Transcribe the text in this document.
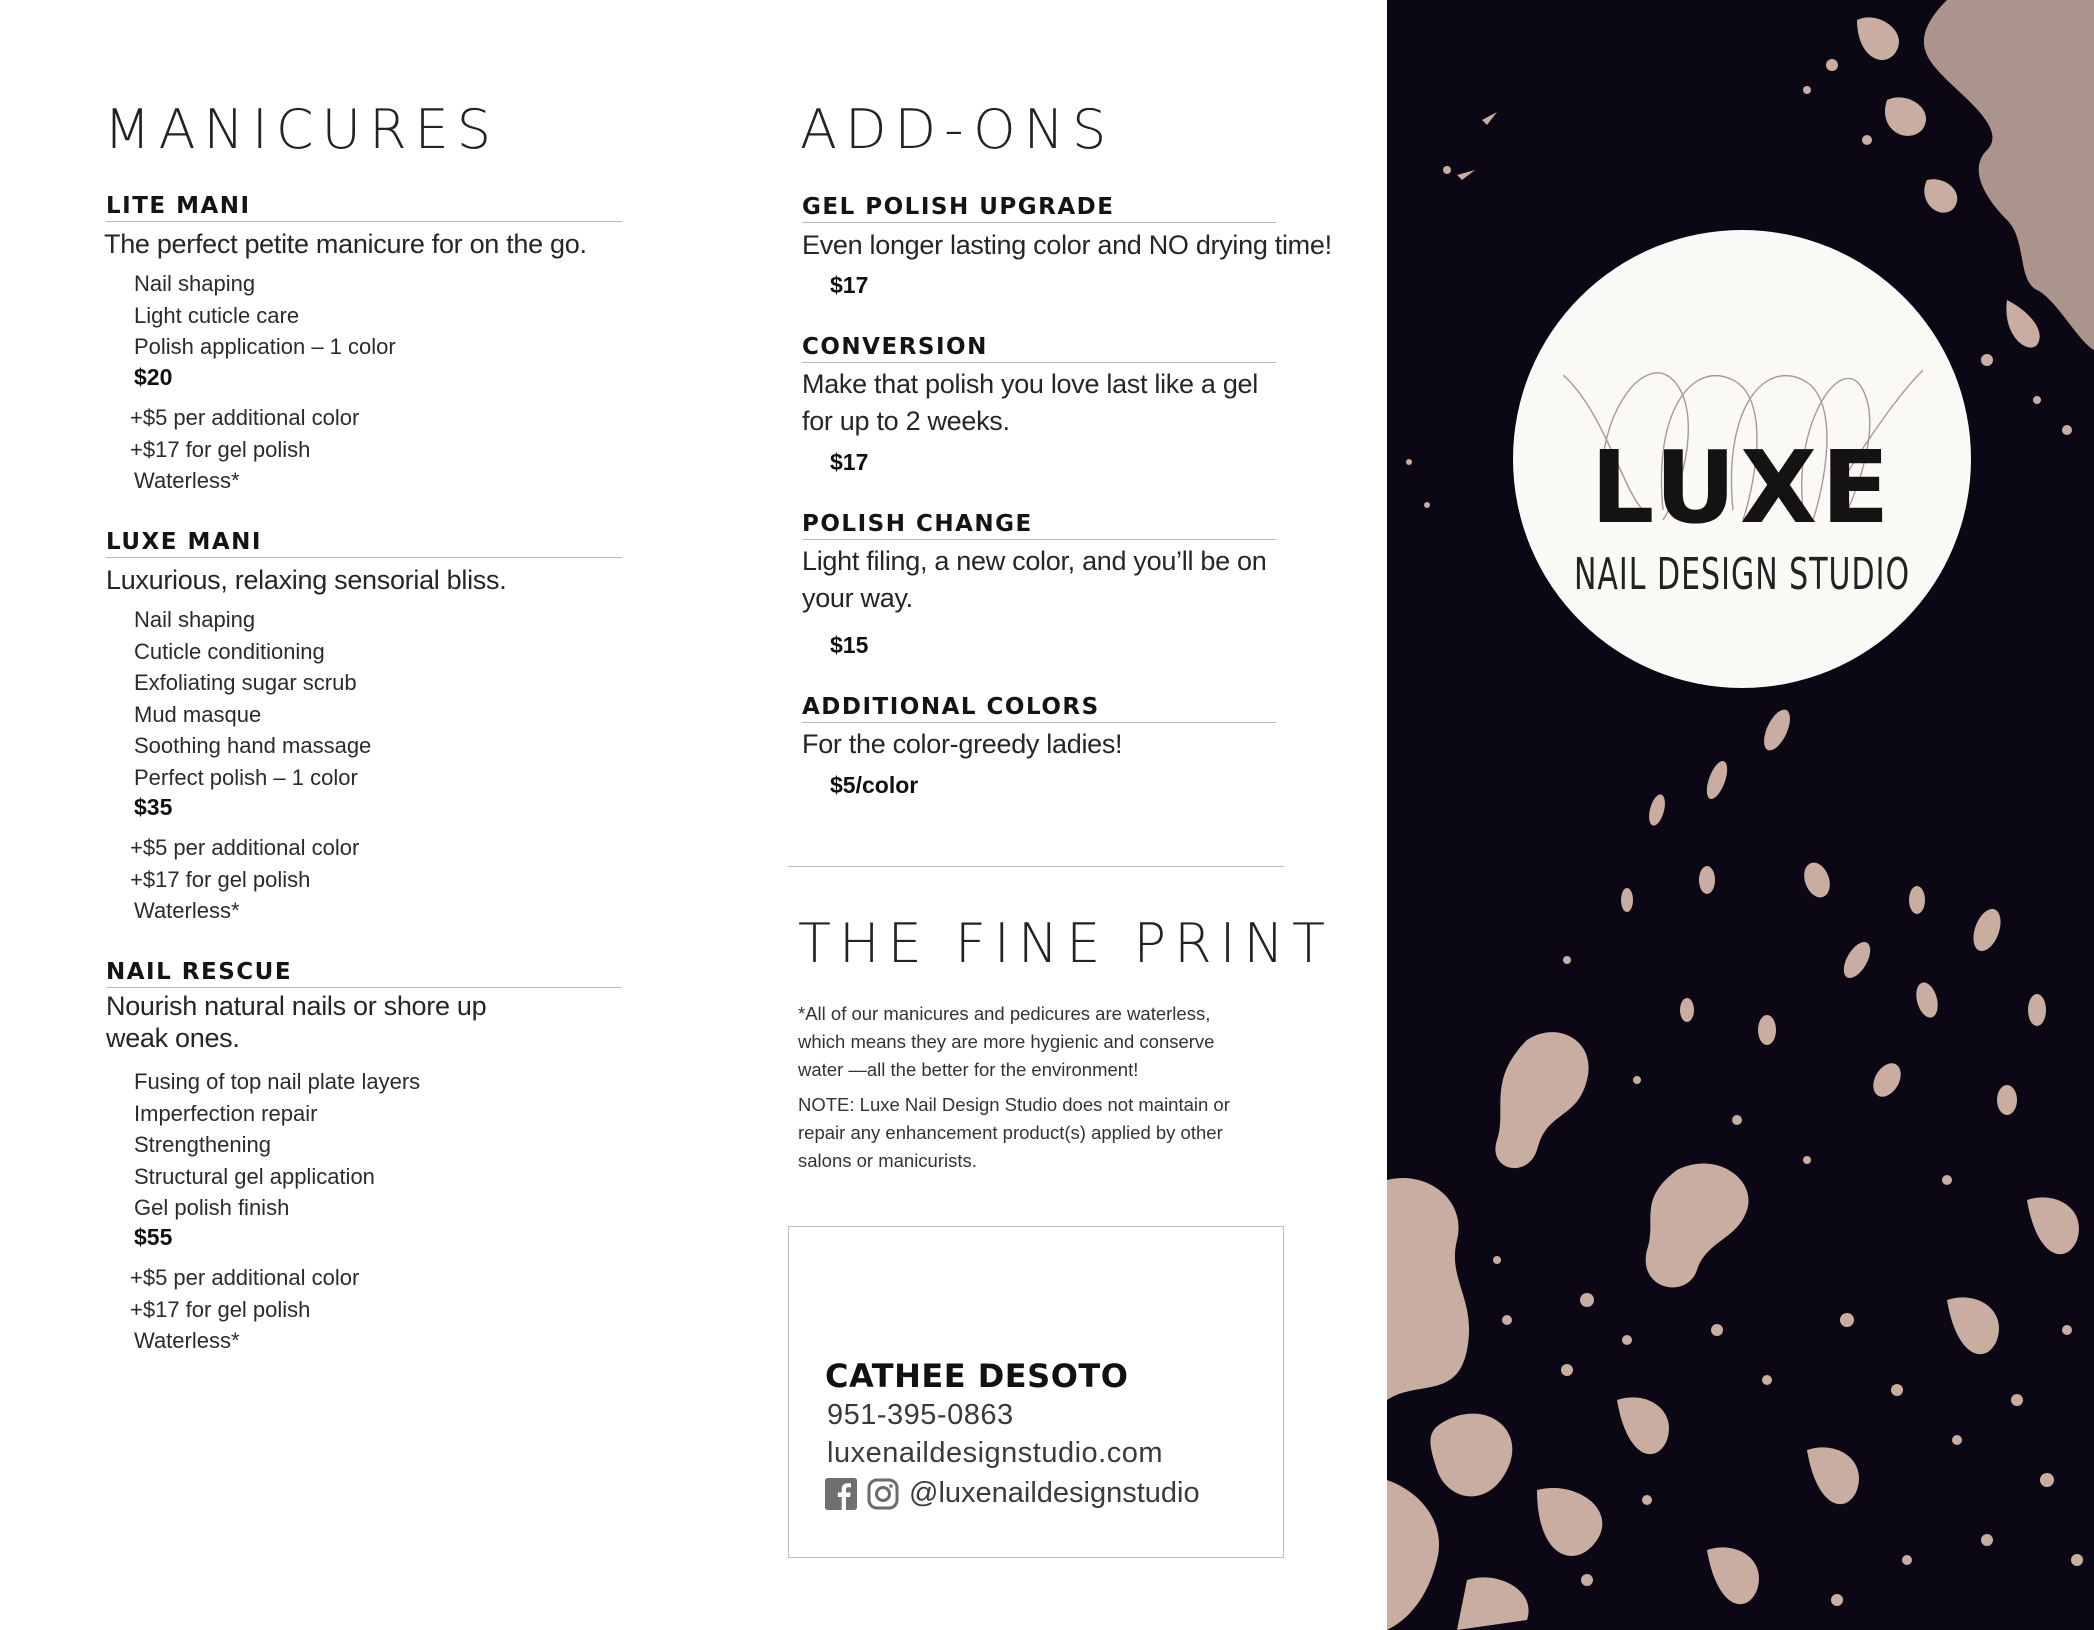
MANICURES
LITE MANI
The perfect petite manicure for on the go.
Nail shaping
Light cuticle care
Polish application – 1 color
$20
+$5 per additional color
+$17 for gel polish
Waterless*
LUXE MANI
Luxurious, relaxing sensorial bliss.
Nail shaping
Cuticle conditioning
Exfoliating sugar scrub
Mud masque
Soothing hand massage
Perfect polish – 1 color
$35
+$5 per additional color
+$17 for gel polish
Waterless*
NAIL RESCUE
Nourish natural nails or shore up
weak ones.
Fusing of top nail plate layers
Imperfection repair
Strengthening
Structural gel application
Gel polish finish
$55
+$5 per additional color
+$17 for gel polish
Waterless*
ADD-ONS
GEL POLISH UPGRADE
Even longer lasting color and NO drying time!
$17
CONVERSION
Make that polish you love last like a gel
for up to 2 weeks.
$17
POLISH CHANGE
Light filing, a new color, and you’ll be on
your way.
$15
ADDITIONAL COLORS
For the color-greedy ladies!
$5/color
THE FINE PRINT
*All of our manicures and pedicures are waterless,
which means they are more hygienic and conserve
water —all the better for the environment!
NOTE: Luxe Nail Design Studio does not maintain or
repair any enhancement product(s) applied by other
salons or manicurists.
CATHEE DESOTO
951-395-0863
luxenaildesignstudio.com
@luxenaildesignstudio
LUXE
NAIL DESIGN STUDIO
